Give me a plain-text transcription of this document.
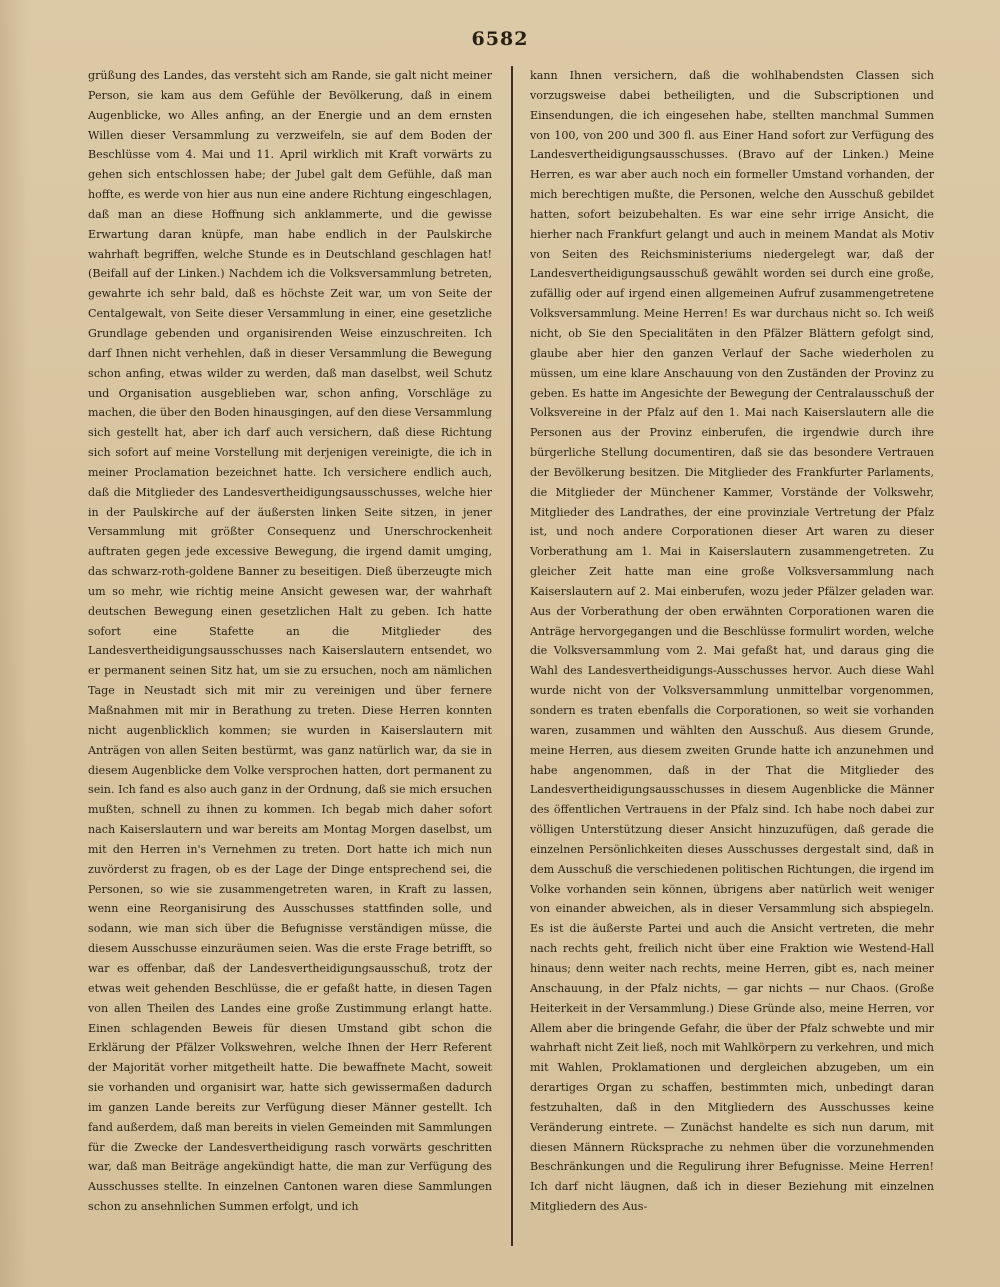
6582

grüßung des Landes, das versteht sich am Rande, sie galt nicht meiner Person, sie kam aus dem Gefühle der Bevölkerung, daß in einem Augenblicke, wo Alles anfing, an der Energie und an dem ernsten Willen dieser Versammlung zu verzweifeln, sie auf dem Boden der Beschlüsse vom 4. Mai und 11. April wirklich mit Kraft vorwärts zu gehen sich entschlossen habe; der Jubel galt dem Gefühle, daß man hoffte, es werde von hier aus nun eine andere Richtung eingeschlagen, daß man an diese Hoffnung sich anklammerte, und die gewisse Erwartung daran knüpfe, man habe endlich in der Paulskirche wahrhaft begriffen, welche Stunde es in Deutschland geschlagen hat! (Beifall auf der Linken.) Nachdem ich die Volksversammlung betreten, gewahrte ich sehr bald, daß es höchste Zeit war, um von Seite der Centalgewalt, von Seite dieser Versammlung in einer, eine gesetzliche Grundlage gebenden und organisirenden Weise einzuschreiten. Ich darf Ihnen nicht verhehlen, daß in dieser Versammlung die Bewegung schon anfing, etwas wilder zu werden, daß man daselbst, weil Schutz und Organisation ausgeblieben war, schon anfing, Vorschläge zu machen, die über den Boden hinausgingen, auf den diese Versammlung sich gestellt hat, aber ich darf auch versichern, daß diese Richtung sich sofort auf meine Vorstellung mit derjenigen vereinigte, die ich in meiner Proclamation bezeichnet hatte. Ich versichere endlich auch, daß die Mitglieder des Landesvertheidigungsausschusses, welche hier in der Paulskirche auf der äußersten linken Seite sitzen, in jener Versammlung mit größter Consequenz und Unerschrockenheit auftraten gegen jede excessive Bewegung, die irgend damit umging, das schwarz-roth-goldene Banner zu beseitigen. Dieß überzeugte mich um so mehr, wie richtig meine Ansicht gewesen war, der wahrhaft deutschen Bewegung einen gesetzlichen Halt zu geben. Ich hatte sofort eine Stafette an die Mitglieder des Landesvertheidigungsausschusses nach Kaiserslautern entsendet, wo er permanent seinen Sitz hat, um sie zu ersuchen, noch am nämlichen Tage in Neustadt sich mit mir zu vereinigen und über fernere Maßnahmen mit mir in Berathung zu treten. Diese Herren konnten nicht augenblicklich kommen; sie wurden in Kaiserslautern mit Anträgen von allen Seiten bestürmt, was ganz natürlich war, da sie in diesem Augenblicke dem Volke versprochen hatten, dort permanent zu sein. Ich fand es also auch ganz in der Ordnung, daß sie mich ersuchen mußten, schnell zu ihnen zu kommen. Ich begab mich daher sofort nach Kaiserslautern und war bereits am Montag Morgen daselbst, um mit den Herren in's Vernehmen zu treten. Dort hatte ich mich nun zuvörderst zu fragen, ob es der Lage der Dinge entsprechend sei, die Personen, so wie sie zusammengetreten waren, in Kraft zu lassen, wenn eine Reorganisirung des Ausschusses stattfinden solle, und sodann, wie man sich über die Befugnisse verständigen müsse, die diesem Ausschusse einzuräumen seien. Was die erste Frage betrifft, so war es offenbar, daß der Landesvertheidigungsausschuß, trotz der etwas weit gehenden Beschlüsse, die er gefaßt hatte, in diesen Tagen von allen Theilen des Landes eine große Zustimmung erlangt hatte. Einen schlagenden Beweis für diesen Umstand gibt schon die Erklärung der Pfälzer Volkswehren, welche Ihnen der Herr Referent der Majorität vorher mitgetheilt hatte. Die bewaffnete Macht, soweit sie vorhanden und organisirt war, hatte sich gewissermaßen dadurch im ganzen Lande bereits zur Verfügung dieser Männer gestellt. Ich fand außerdem, daß man bereits in vielen Gemeinden mit Sammlungen für die Zwecke der Landesvertheidigung rasch vorwärts geschritten war, daß man Beiträge angekündigt hatte, die man zur Verfügung des Ausschusses stellte. In einzelnen Cantonen waren diese Sammlungen schon zu ansehnlichen Summen erfolgt, und ich

kann Ihnen versichern, daß die wohlhabendsten Classen sich vorzugsweise dabei betheiligten, und die Subscriptionen und Einsendungen, die ich eingesehen habe, stellten manchmal Summen von 100, von 200 und 300 fl. aus Einer Hand sofort zur Verfügung des Landesvertheidigungsausschusses. (Bravo auf der Linken.) Meine Herren, es war aber auch noch ein formeller Umstand vorhanden, der mich berechtigen mußte, die Personen, welche den Ausschuß gebildet hatten, sofort beizubehalten. Es war eine sehr irrige Ansicht, die hierher nach Frankfurt gelangt und auch in meinem Mandat als Motiv von Seiten des Reichsministeriums niedergelegt war, daß der Landesvertheidigungsausschuß gewählt worden sei durch eine große, zufällig oder auf irgend einen allgemeinen Aufruf zusammengetretene Volksversammlung. Meine Herren! Es war durchaus nicht so. Ich weiß nicht, ob Sie den Specialitäten in den Pfälzer Blättern gefolgt sind, glaube aber hier den ganzen Verlauf der Sache wiederholen zu müssen, um eine klare Anschauung von den Zuständen der Provinz zu geben. Es hatte im Angesichte der Bewegung der Centralausschuß der Volksvereine in der Pfalz auf den 1. Mai nach Kaiserslautern alle die Personen aus der Provinz einberufen, die irgendwie durch ihre bürgerliche Stellung documentiren, daß sie das besondere Vertrauen der Bevölkerung besitzen. Die Mitglieder des Frankfurter Parlaments, die Mitglieder der Münchener Kammer, Vorstände der Volkswehr, Mitglieder des Landrathes, der eine provinziale Vertretung der Pfalz ist, und noch andere Corporationen dieser Art waren zu dieser Vorberathung am 1. Mai in Kaiserslautern zusammengetreten. Zu gleicher Zeit hatte man eine große Volksversammlung nach Kaiserslautern auf 2. Mai einberufen, wozu jeder Pfälzer geladen war. Aus der Vorberathung der oben erwähnten Corporationen waren die Anträge hervorgegangen und die Beschlüsse formulirt worden, welche die Volksversammlung vom 2. Mai gefaßt hat, und daraus ging die Wahl des Landesvertheidigungs-Ausschusses hervor. Auch diese Wahl wurde nicht von der Volksversammlung unmittelbar vorgenommen, sondern es traten ebenfalls die Corporationen, so weit sie vorhanden waren, zusammen und wählten den Ausschuß. Aus diesem Grunde, meine Herren, aus diesem zweiten Grunde hatte ich anzunehmen und habe angenommen, daß in der That die Mitglieder des Landesvertheidigungsausschusses in diesem Augenblicke die Männer des öffentlichen Vertrauens in der Pfalz sind. Ich habe noch dabei zur völligen Unterstützung dieser Ansicht hinzuzufügen, daß gerade die einzelnen Persönlichkeiten dieses Ausschusses dergestalt sind, daß in dem Ausschuß die verschiedenen politischen Richtungen, die irgend im Volke vorhanden sein können, übrigens aber natürlich weit weniger von einander abweichen, als in dieser Versammlung sich abspiegeln. Es ist die äußerste Partei und auch die Ansicht vertreten, die mehr nach rechts geht, freilich nicht über eine Fraktion wie Westend-Hall hinaus; denn weiter nach rechts, meine Herren, gibt es, nach meiner Anschauung, in der Pfalz nichts, — gar nichts — nur Chaos. (Große Heiterkeit in der Versammlung.) Diese Gründe also, meine Herren, vor Allem aber die bringende Gefahr, die über der Pfalz schwebte und mir wahrhaft nicht Zeit ließ, noch mit Wahlkörpern zu verkehren, und mich mit Wahlen, Proklamationen und dergleichen abzugeben, um ein derartiges Organ zu schaffen, bestimmten mich, unbedingt daran festzuhalten, daß in den Mitgliedern des Ausschusses keine Veränderung eintrete. — Zunächst handelte es sich nun darum, mit diesen Männern Rücksprache zu nehmen über die vorzunehmenden Beschränkungen und die Regulirung ihrer Befugnisse. Meine Herren! Ich darf nicht läugnen, daß ich in dieser Beziehung mit einzelnen Mitgliedern des Aus-
